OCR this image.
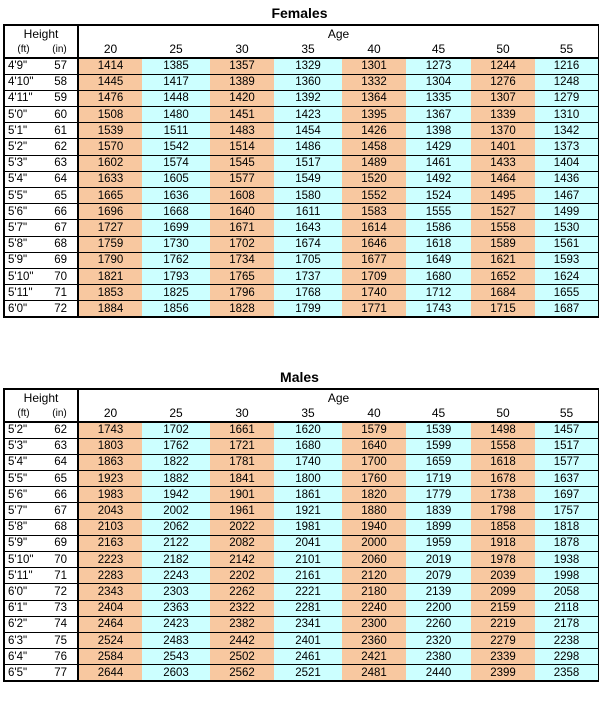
Females
Height		Age							
(ft)	(in)	20	25	30	35	40	45	50	55
4'9"	57	1414	1385	1357	1329	1301	1273	1244	1216
4'10"	58	1445	1417	1389	1360	1332	1304	1276	1248
4'11"	59	1476	1448	1420	1392	1364	1335	1307	1279
5'0"	60	1508	1480	1451	1423	1395	1367	1339	1310
5'1"	61	1539	1511	1483	1454	1426	1398	1370	1342
5'2"	62	1570	1542	1514	1486	1458	1429	1401	1373
5'3"	63	1602	1574	1545	1517	1489	1461	1433	1404
5'4"	64	1633	1605	1577	1549	1520	1492	1464	1436
5'5"	65	1665	1636	1608	1580	1552	1524	1495	1467
5'6"	66	1696	1668	1640	1611	1583	1555	1527	1499
5'7"	67	1727	1699	1671	1643	1614	1586	1558	1530
5'8"	68	1759	1730	1702	1674	1646	1618	1589	1561
5'9"	69	1790	1762	1734	1705	1677	1649	1621	1593
5'10"	70	1821	1793	1765	1737	1709	1680	1652	1624
5'11"	71	1853	1825	1796	1768	1740	1712	1684	1655
6'0"	72	1884	1856	1828	1799	1771	1743	1715	1687
Males
Height		Age							
(ft)	(in)	20	25	30	35	40	45	50	55
5'2"	62	1743	1702	1661	1620	1579	1539	1498	1457
5'3"	63	1803	1762	1721	1680	1640	1599	1558	1517
5'4"	64	1863	1822	1781	1740	1700	1659	1618	1577
5'5"	65	1923	1882	1841	1800	1760	1719	1678	1637
5'6"	66	1983	1942	1901	1861	1820	1779	1738	1697
5'7"	67	2043	2002	1961	1921	1880	1839	1798	1757
5'8"	68	2103	2062	2022	1981	1940	1899	1858	1818
5'9"	69	2163	2122	2082	2041	2000	1959	1918	1878
5'10"	70	2223	2182	2142	2101	2060	2019	1978	1938
5'11"	71	2283	2243	2202	2161	2120	2079	2039	1998
6'0"	72	2343	2303	2262	2221	2180	2139	2099	2058
6'1"	73	2404	2363	2322	2281	2240	2200	2159	2118
6'2"	74	2464	2423	2382	2341	2300	2260	2219	2178
6'3"	75	2524	2483	2442	2401	2360	2320	2279	2238
6'4"	76	2584	2543	2502	2461	2421	2380	2339	2298
6'5"	77	2644	2603	2562	2521	2481	2440	2399	2358
